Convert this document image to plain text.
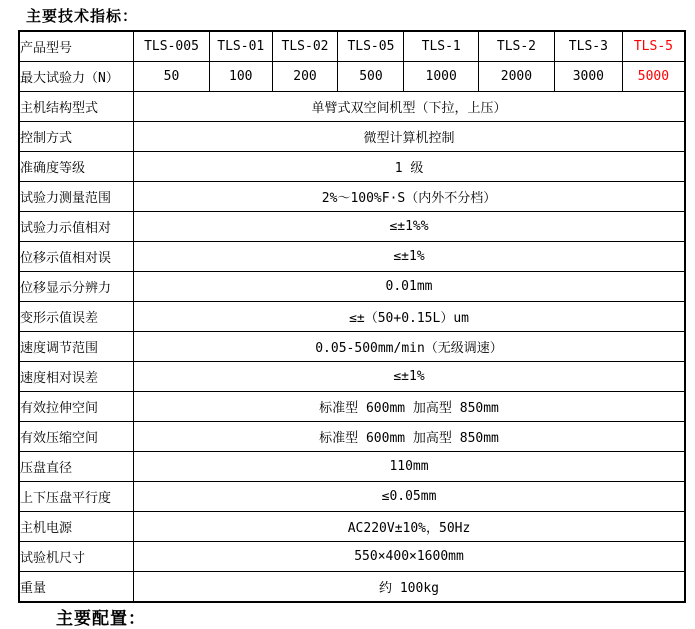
主要技术指标：
产品型号	TLS-005	TLS-01	TLS-02	TLS-05	TLS-1	TLS-2	TLS-3	TLS-5
最大试验力（N）	50	100	200	500	1000	2000	3000	5000
主机结构型式	单臂式双空间机型（下拉，上压）							
控制方式	微型计算机控制							
准确度等级	1 级							
试验力测量范围	2%～100%F·S（内外不分档）							
试验力示值相对	≤±1%%							
位移示值相对误	≤±1%							
位移显示分辨力	0.01mm							
变形示值误差	≤±（50+0.15L）um							
速度调节范围	0.05-500mm/min（无级调速）							
速度相对误差	≤±1%							
有效拉伸空间	标准型 600mm 加高型 850mm							
有效压缩空间	标准型 600mm 加高型 850mm							
压盘直径	110mm							
上下压盘平行度	≤0.05mm							
主机电源	AC220V±10%，50Hz							
试验机尺寸	550×400×1600mm							
重量	约 100kg							
主要配置：
